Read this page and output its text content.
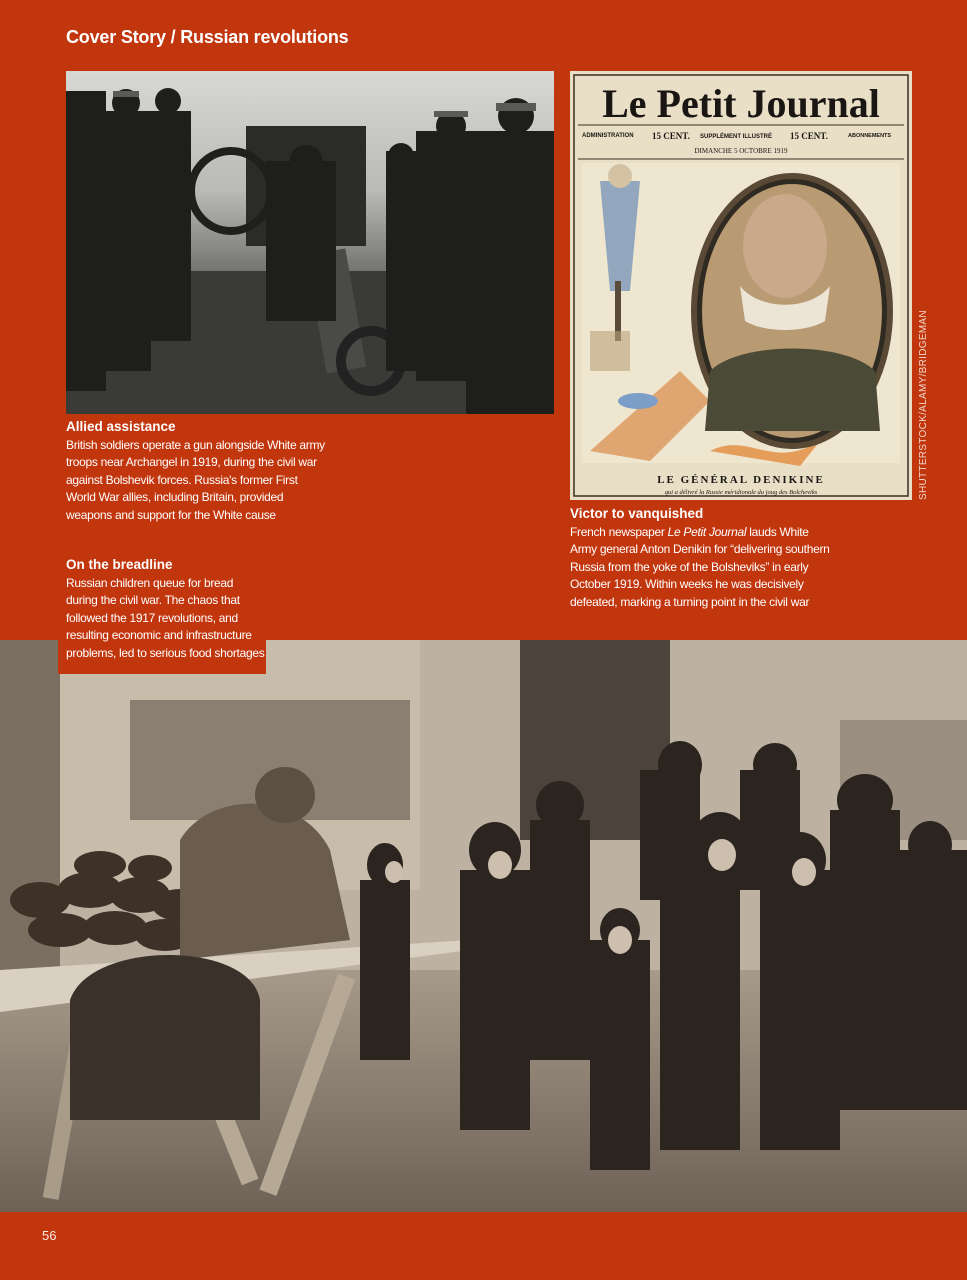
Cover Story / Russian revolutions
Le Petit Journal
ADMINISTRATION 15 CENT. SUPPLÉMENT ILLUSTRÉ 15 CENT.	ABONNEMENTS
DIMANCHE 5 OCTOBRE 1919
LE GÉNÉRAL DENIKINE
qui a délivré la Russie méridionale du joug des Bolcheviks
Allied assistance
British soldiers operate a gun alongside White army troops near Archangel in 1919, during the civil war against Bolshevik forces. Russia's former First World War allies, including Britain, provided weapons and support for the White cause	Victor to vanquished
French newspaper Le Petit Journal lauds White Army general Anton Denikin for “delivering southern Russia from the yoke of the Bolsheviks” in early October 1919. Within weeks he was decisively defeated, marking a turning point in the civil war
On the breadline
Russian children queue for bread during the civil war. The chaos that followed the 1917 revolutions, and resulting economic and infrastructure problems, led to serious food shortages
SHUTTERSTOCK/ALAMY/BRIDGEMAN
56
